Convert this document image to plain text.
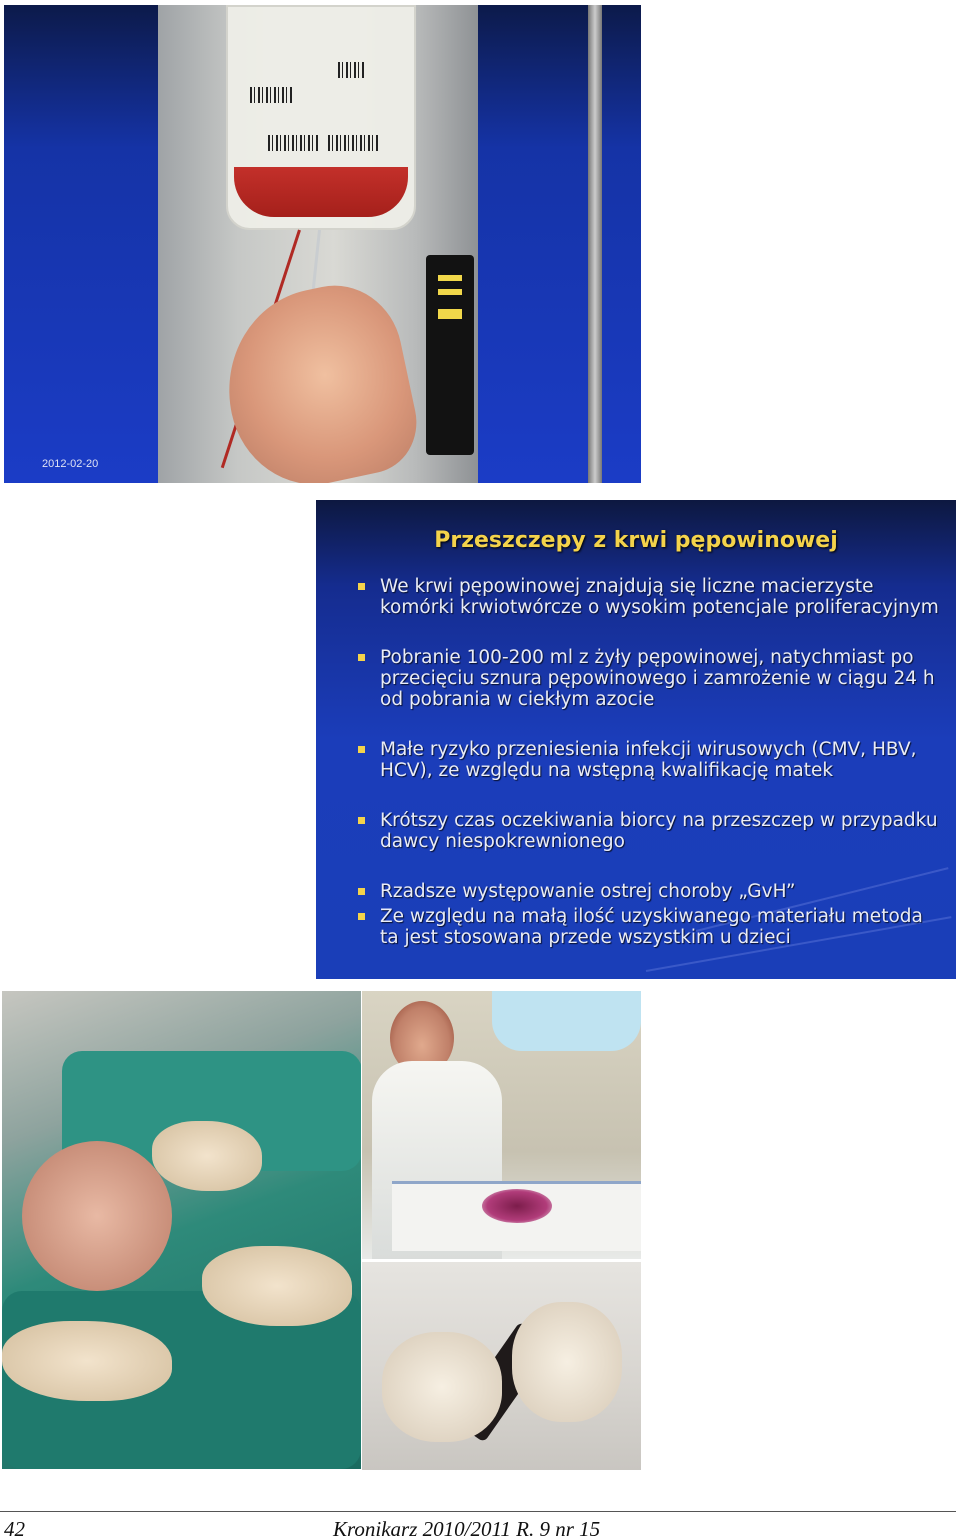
2012-02-20
Przeszczepy z krwi pępowinowej
We krwi pępowinowej znajdują się liczne macierzyste komórki krwiotwórcze o wysokim potencjale proliferacyjnym
Pobranie 100-200 ml z żyły pępowinowej, natychmiast po przecięciu sznura pępowinowego i zamrożenie w ciągu 24 h od pobrania w ciekłym azocie
Małe ryzyko przeniesienia infekcji wirusowych (CMV, HBV, HCV), ze względu na wstępną kwalifikację matek
Krótszy czas oczekiwania biorcy na przeszczep w przypadku dawcy niespokrewnionego
Rzadsze występowanie ostrej choroby „GvH”
Ze względu na małą ilość uzyskiwanego materiału metoda ta jest stosowana przede wszystkim u dzieci
42	Kronikarz 2010/2011 R. 9 nr 15
